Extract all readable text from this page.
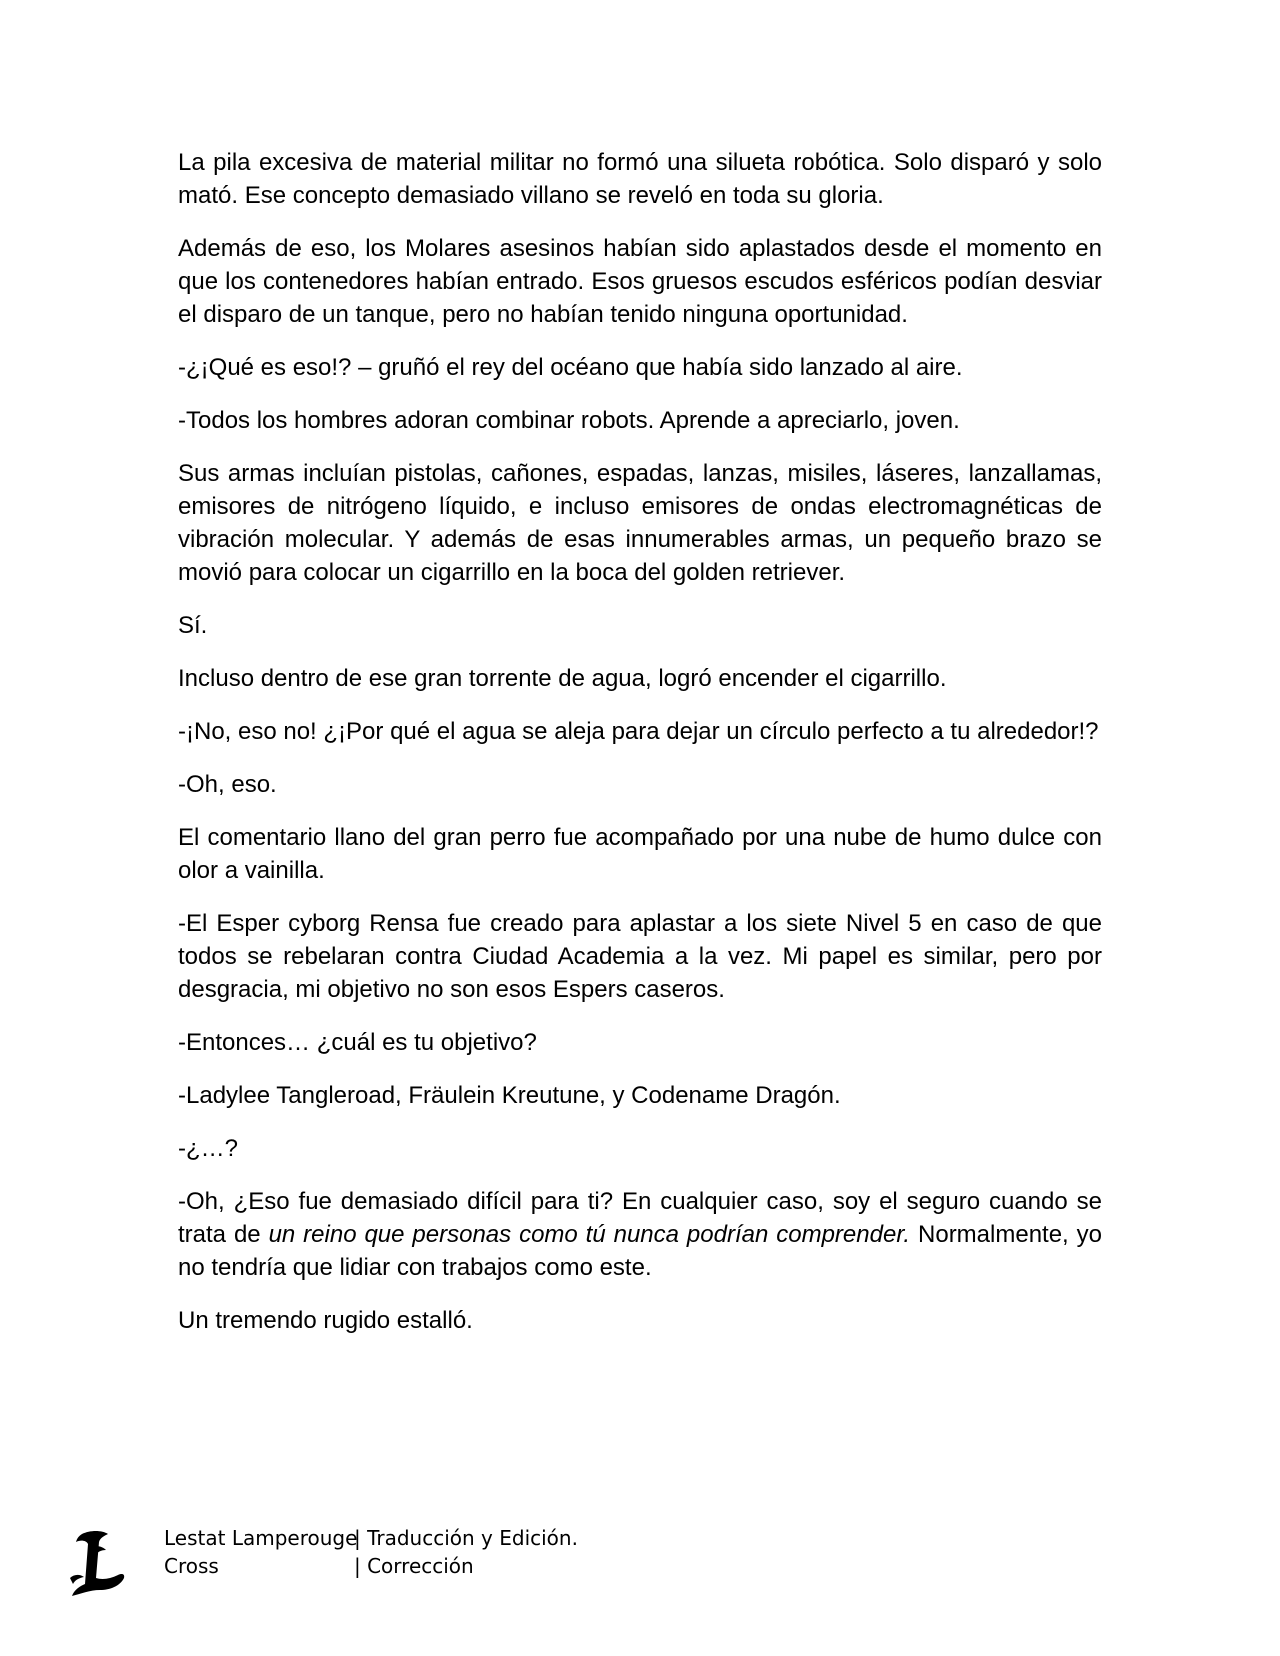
La pila excesiva de material militar no formó una silueta robótica. Solo disparó y solo mató. Ese concepto demasiado villano se reveló en toda su gloria.

Además de eso, los Molares asesinos habían sido aplastados desde el momento en que los contenedores habían entrado. Esos gruesos escudos esféricos podían desviar el disparo de un tanque, pero no habían tenido ninguna oportunidad.

-¿¡Qué es eso!? – gruñó el rey del océano que había sido lanzado al aire.

-Todos los hombres adoran combinar robots. Aprende a apreciarlo, joven.

Sus armas incluían pistolas, cañones, espadas, lanzas, misiles, láseres, lanzallamas, emisores de nitrógeno líquido, e incluso emisores de ondas electromagnéticas de vibración molecular. Y además de esas innumerables armas, un pequeño brazo se movió para colocar un cigarrillo en la boca del golden retriever.

Sí.

Incluso dentro de ese gran torrente de agua, logró encender el cigarrillo.

-¡No, eso no! ¿¡Por qué el agua se aleja para dejar un círculo perfecto a tu alrededor!?

-Oh, eso.

El comentario llano del gran perro fue acompañado por una nube de humo dulce con olor a vainilla.

-El Esper cyborg Rensa fue creado para aplastar a los siete Nivel 5 en caso de que todos se rebelaran contra Ciudad Academia a la vez. Mi papel es similar, pero por desgracia, mi objetivo no son esos Espers caseros.

-Entonces… ¿cuál es tu objetivo?

-Ladylee Tangleroad, Fräulein Kreutune, y Codename Dragón.

-¿…?

-Oh, ¿Eso fue demasiado difícil para ti? En cualquier caso, soy el seguro cuando se trata de un reino que personas como tú nunca podrían comprender. Normalmente, yo no tendría que lidiar con trabajos como este.

Un tremendo rugido estalló.

Lestat Lamperouge
| Traducción y Edición.
Cross	| Corrección
